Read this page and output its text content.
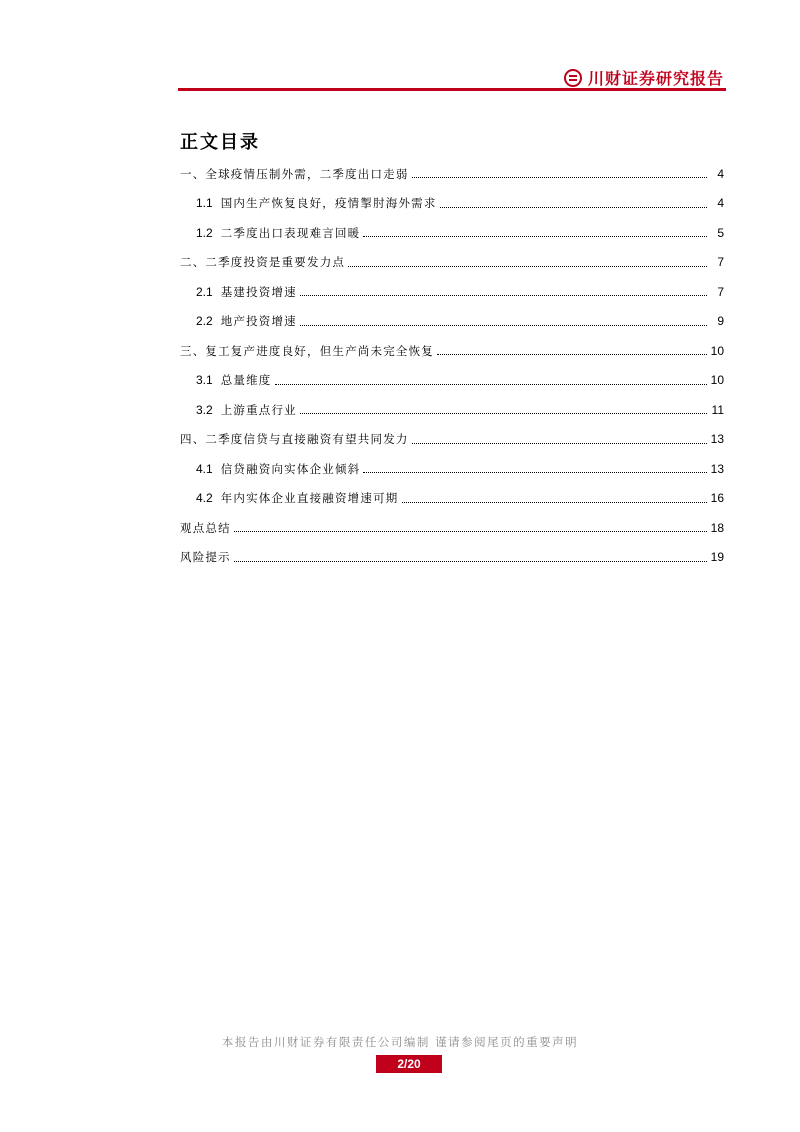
川财证券研究报告
正文目录
一、全球疫情压制外需，二季度出口走弱	4
1.1 国内生产恢复良好，疫情掣肘海外需求	4
1.2 二季度出口表现难言回暖	5
二、二季度投资是重要发力点	7
2.1 基建投资增速	7
2.2 地产投资增速	9
三、复工复产进度良好，但生产尚未完全恢复	10
3.1 总量维度	10
3.2 上游重点行业	11
四、二季度信贷与直接融资有望共同发力	13
4.1 信贷融资向实体企业倾斜	13
4.2 年内实体企业直接融资增速可期	16
观点总结	18
风险提示	19
本报告由川财证券有限责任公司编制 谨请参阅尾页的重要声明
2/20
